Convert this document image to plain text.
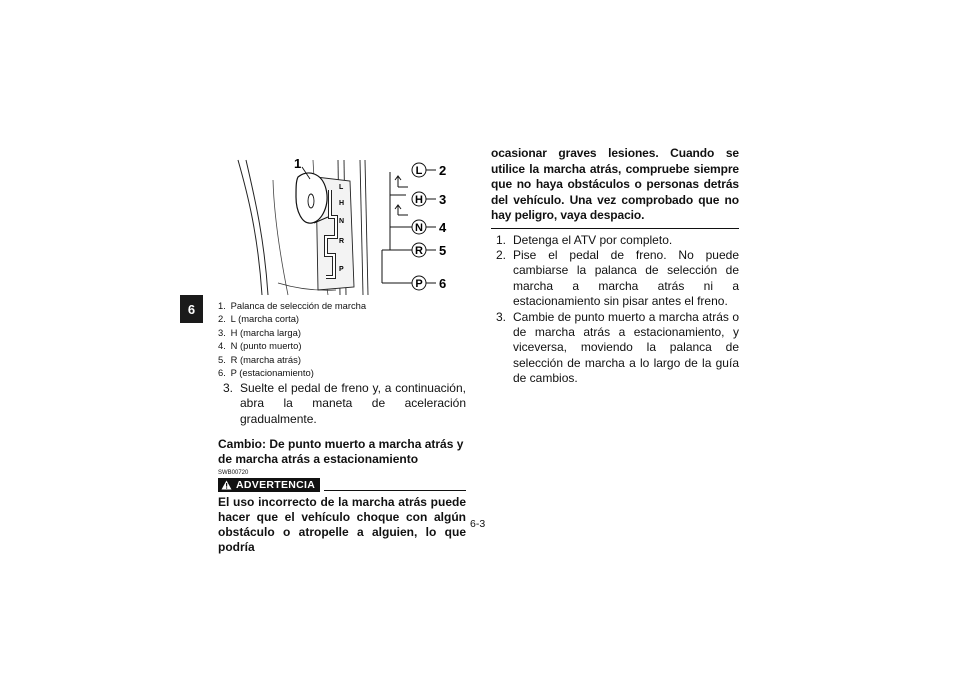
6
1
L
H
N
R
P
L
H
N
R
P
2
3
4
5
6
1.
Palanca de selección de marcha
2.
L (marcha corta)
3.
H (marcha larga)
4.
N (punto muerto)
5.
R (marcha atrás)
6.
P (estacionamiento)
3. Suelte el pedal de freno y, a continuación, abra la maneta de aceleración gradualmente.
Cambio: De punto muerto a marcha atrás y de marcha atrás a estacionamiento
SWB00720
ADVERTENCIA
El uso incorrecto de la marcha atrás puede hacer que el vehículo choque con algún obstáculo o atropelle a alguien, lo que podría
ocasionar graves lesiones. Cuando se utilice la marcha atrás, compruebe siempre que no haya obstáculos o personas detrás del vehículo. Una vez comprobado que no hay peligro, vaya despacio.
1. Detenga el ATV por completo.
2. Pise el pedal de freno. No puede cambiarse la palanca de selección de marcha a marcha atrás ni a estacionamiento sin pisar antes el freno.
3. Cambie de punto muerto a marcha atrás o de marcha atrás a estacionamiento, y viceversa, moviendo la palanca de selección de marcha a lo largo de la guía de cambios.
6-3
